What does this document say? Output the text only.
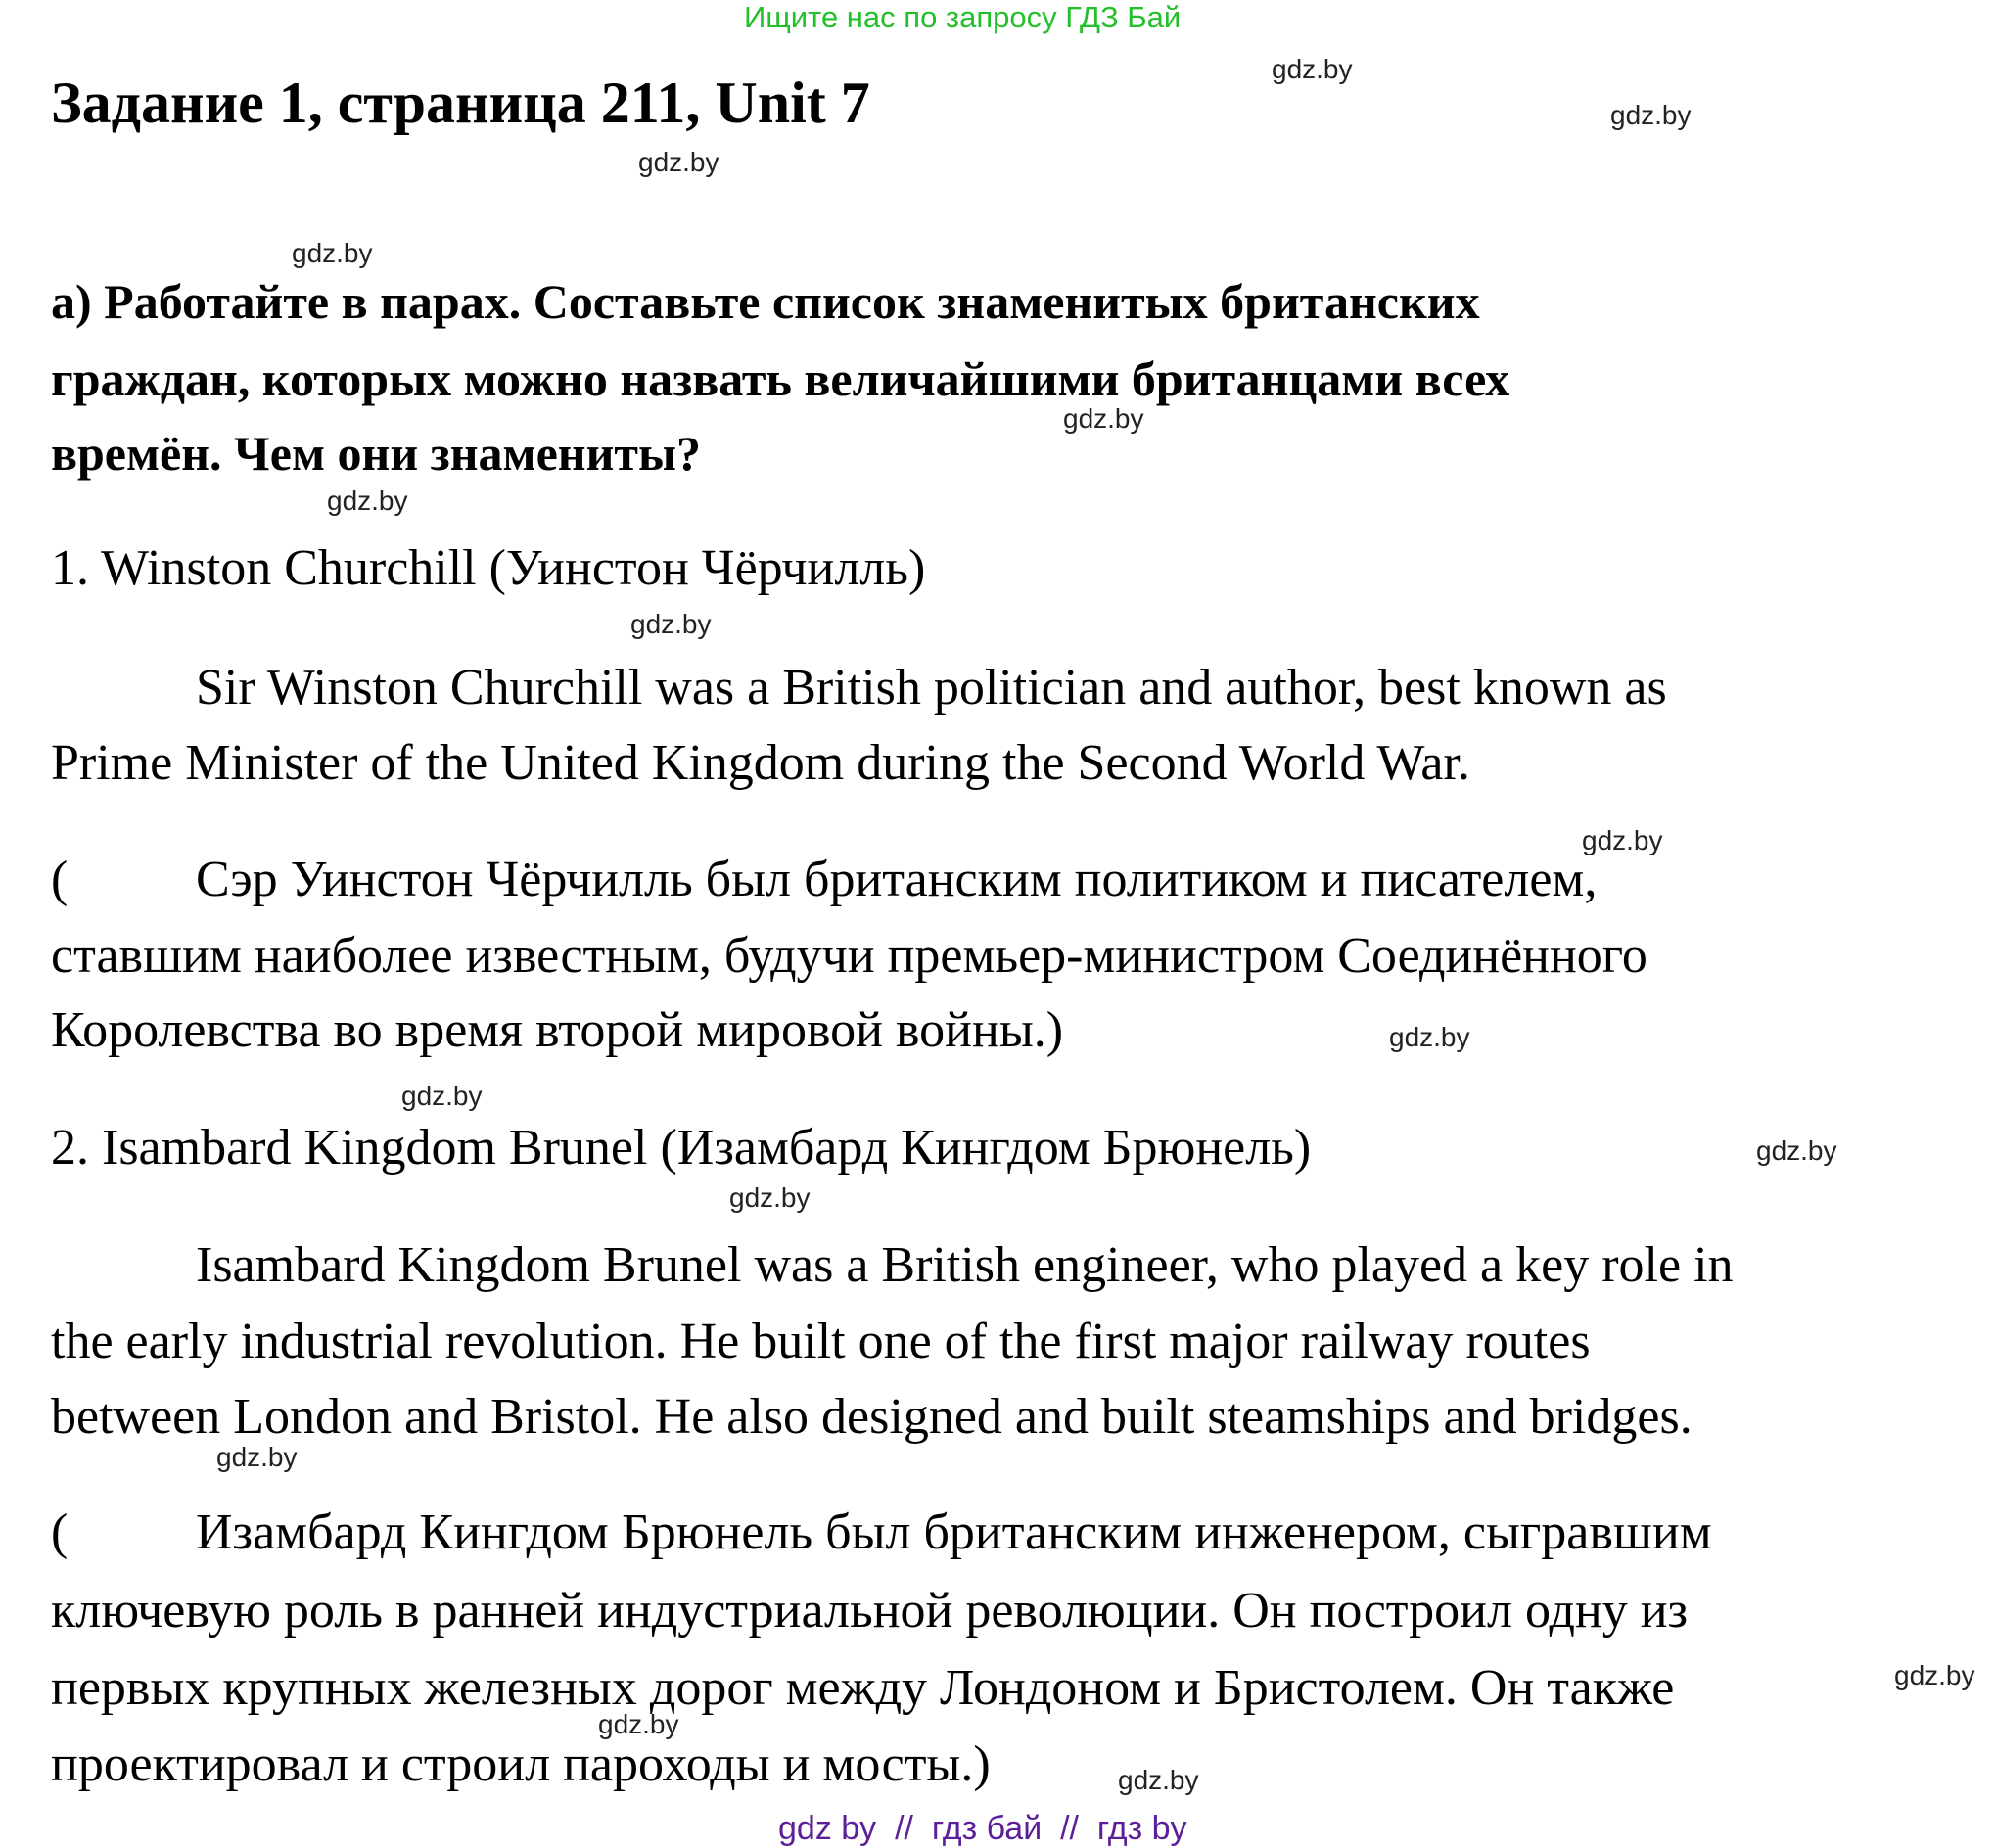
Ищите нас по запросу ГДЗ Бай
Задание 1, страница 211, Unit 7
а) Работайте в парах. Составьте список знаменитых британских
граждан, которых можно назвать величайшими британцами всех
времён. Чем они знамениты?
1. Winston Churchill (Уинстон Чёрчилль)
Sir Winston Churchill was a British politician and author, best known as
Prime Minister of the United Kingdom during the Second World War.
(	Сэр Уинстон Чёрчилль был британским политиком и писателем,
ставшим наиболее известным, будучи премьер-министром Соединённого
Королевства во время второй мировой войны.)
2. Isambard Kingdom Brunel (Изамбард Кингдом Брюнель)
Isambard Kingdom Brunel was a British engineer, who played a key role in
the early industrial revolution. He built one of the first major railway routes
between London and Bristol. He also designed and built steamships and bridges.
(	Изамбард Кингдом Брюнель был британским инженером, сыгравшим
ключевую роль в ранней индустриальной революции. Он построил одну из
первых крупных железных дорог между Лондоном и Бристолем. Он также
проектировал и строил пароходы и мосты.)
gdz.by
gdz.by
gdz.by
gdz.by
gdz.by
gdz.by
gdz.by
gdz.by
gdz.by
gdz.by
gdz.by
gdz.by
gdz.by
gdz.by
gdz.by
gdz.by
gdz by  //  гдз бай  //  гдз by
